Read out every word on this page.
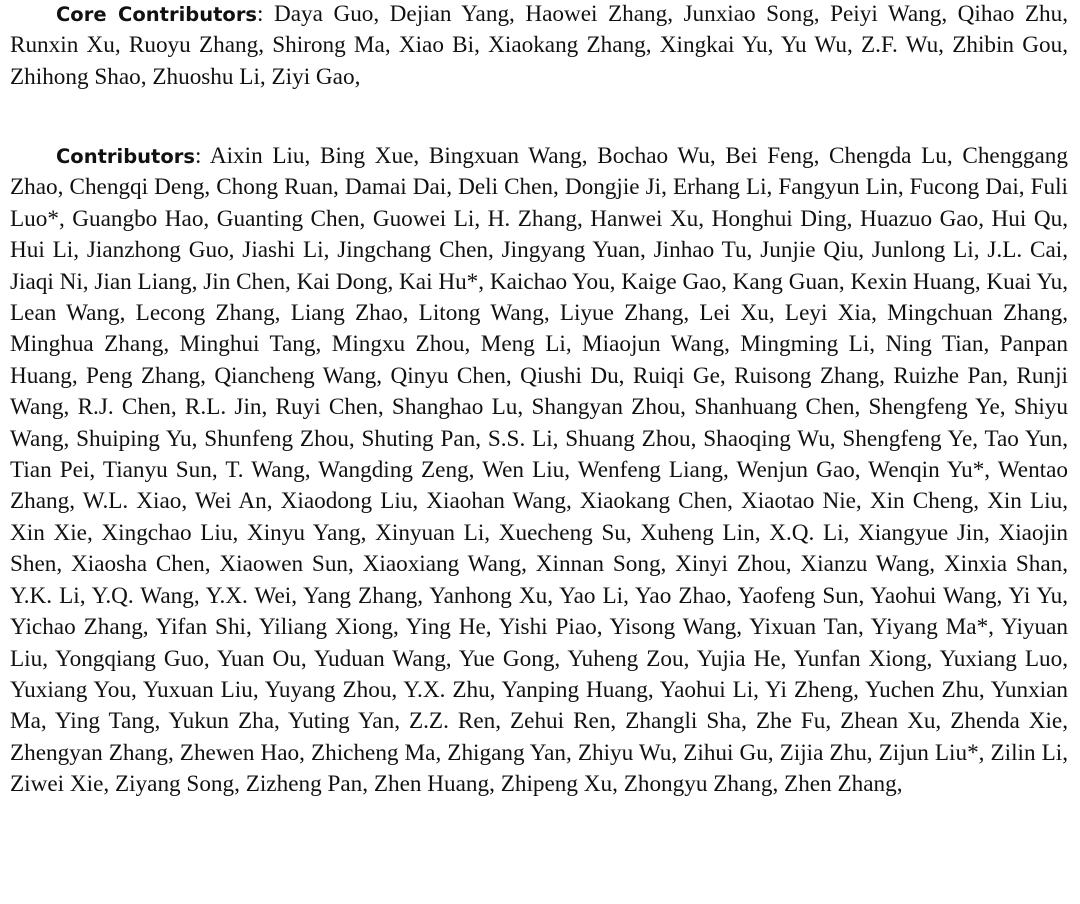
Core Contributors: Daya Guo, Dejian Yang, Haowei Zhang, Junxiao Song, Peiyi Wang, Qihao Zhu, Runxin Xu, Ruoyu Zhang, Shirong Ma, Xiao Bi, Xiaokang Zhang, Xingkai Yu, Yu Wu, Z.F. Wu, Zhibin Gou, Zhihong Shao, Zhuoshu Li, Ziyi Gao,

Contributors: Aixin Liu, Bing Xue, Bingxuan Wang, Bochao Wu, Bei Feng, Chengda Lu, Chenggang Zhao, Chengqi Deng, Chong Ruan, Damai Dai, Deli Chen, Dongjie Ji, Erhang Li, Fangyun Lin, Fucong Dai, Fuli Luo*, Guangbo Hao, Guanting Chen, Guowei Li, H. Zhang, Hanwei Xu, Honghui Ding, Huazuo Gao, Hui Qu, Hui Li, Jianzhong Guo, Jiashi Li, Jingchang Chen, Jingyang Yuan, Jinhao Tu, Junjie Qiu, Junlong Li, J.L. Cai, Jiaqi Ni, Jian Liang, Jin Chen, Kai Dong, Kai Hu*, Kaichao You, Kaige Gao, Kang Guan, Kexin Huang, Kuai Yu, Lean Wang, Lecong Zhang, Liang Zhao, Litong Wang, Liyue Zhang, Lei Xu, Leyi Xia, Mingchuan Zhang, Minghua Zhang, Minghui Tang, Mingxu Zhou, Meng Li, Miaojun Wang, Mingming Li, Ning Tian, Panpan Huang, Peng Zhang, Qiancheng Wang, Qinyu Chen, Qiushi Du, Ruiqi Ge, Ruisong Zhang, Ruizhe Pan, Runji Wang, R.J. Chen, R.L. Jin, Ruyi Chen, Shanghao Lu, Shangyan Zhou, Shanhuang Chen, Shengfeng Ye, Shiyu Wang, Shuiping Yu, Shunfeng Zhou, Shuting Pan, S.S. Li, Shuang Zhou, Shaoqing Wu, Shengfeng Ye, Tao Yun, Tian Pei, Tianyu Sun, T. Wang, Wangding Zeng, Wen Liu, Wenfeng Liang, Wenjun Gao, Wenqin Yu*, Wentao Zhang, W.L. Xiao, Wei An, Xiaodong Liu, Xiaohan Wang, Xiaokang Chen, Xiaotao Nie, Xin Cheng, Xin Liu, Xin Xie, Xingchao Liu, Xinyu Yang, Xinyuan Li, Xuecheng Su, Xuheng Lin, X.Q. Li, Xiangyue Jin, Xiaojin Shen, Xiaosha Chen, Xiaowen Sun, Xiaoxiang Wang, Xinnan Song, Xinyi Zhou, Xianzu Wang, Xinxia Shan, Y.K. Li, Y.Q. Wang, Y.X. Wei, Yang Zhang, Yanhong Xu, Yao Li, Yao Zhao, Yaofeng Sun, Yaohui Wang, Yi Yu, Yichao Zhang, Yifan Shi, Yiliang Xiong, Ying He, Yishi Piao, Yisong Wang, Yixuan Tan, Yiyang Ma*, Yiyuan Liu, Yongqiang Guo, Yuan Ou, Yuduan Wang, Yue Gong, Yuheng Zou, Yujia He, Yunfan Xiong, Yuxiang Luo, Yuxiang You, Yuxuan Liu, Yuyang Zhou, Y.X. Zhu, Yanping Huang, Yaohui Li, Yi Zheng, Yuchen Zhu, Yunxian Ma, Ying Tang, Yukun Zha, Yuting Yan, Z.Z. Ren, Zehui Ren, Zhangli Sha, Zhe Fu, Zhean Xu, Zhenda Xie, Zhengyan Zhang, Zhewen Hao, Zhicheng Ma, Zhigang Yan, Zhiyu Wu, Zihui Gu, Zijia Zhu, Zijun Liu*, Zilin Li, Ziwei Xie, Ziyang Song, Zizheng Pan, Zhen Huang, Zhipeng Xu, Zhongyu Zhang, Zhen Zhang,
